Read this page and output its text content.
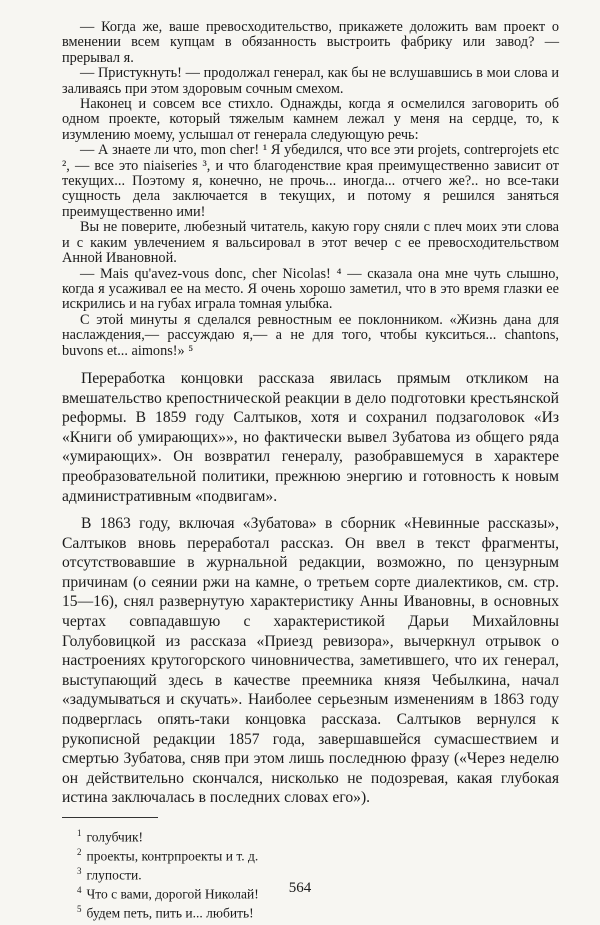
— Когда же, ваше превосходительство, прикажете доложить вам проект о вменении всем купцам в обязанность выстроить фабрику или завод? — прерывал я.

— Пристукнуть! — продолжал генерал, как бы не вслушавшись в мои слова и заливаясь при этом здоровым сочным смехом.

Наконец и совсем все стихло. Однажды, когда я осмелился заговорить об одном проекте, который тяжелым камнем лежал у меня на сердце, то, к изумлению моему, услышал от генерала следующую речь:

— А знаете ли что, mon cher! ¹ Я убедился, что все эти projets, contreprojets etc ², — все это niaiseries ³, и что благоденствие края преимущественно зависит от текущих... Поэтому я, конечно, не прочь... иногда... отчего же?.. но все-таки сущность дела заключается в текущих, и потому я решился заняться преимущественно ими!

Вы не поверите, любезный читатель, какую гору сняли с плеч моих эти слова и с каким увлечением я вальсировал в этот вечер с ее превосходительством Анной Ивановной.

— Mais qu'avez-vous donc, cher Nicolas! ⁴ — сказала она мне чуть слышно, когда я усаживал ее на место. Я очень хорошо заметил, что в это время глазки ее искрились и на губах играла томная улыбка.

С этой минуты я сделался ревностным ее поклонником. «Жизнь дана для наслаждения,— рассуждаю я,— а не для того, чтобы кукситься... chantons, buvons et... aimons!» ⁵

Переработка концовки рассказа явилась прямым откликом на вмешательство крепостнической реакции в дело подготовки крестьянской реформы. В 1859 году Салтыков, хотя и сохранил подзаголовок «Из «Книги об умирающих»», но фактически вывел Зубатова из общего ряда «умирающих». Он возвратил генералу, разобравшемуся в характере преобразовательной политики, прежнюю энергию и готовность к новым административным «подвигам».

В 1863 году, включая «Зубатова» в сборник «Невинные рассказы», Салтыков вновь переработал рассказ. Он ввел в текст фрагменты, отсутствовавшие в журнальной редакции, возможно, по цензурным причинам (о сеянии ржи на камне, о третьем сорте диалектиков, см. стр. 15—16), снял развернутую характеристику Анны Ивановны, в основных чертах совпадавшую с характеристикой Дарьи Михайловны Голубовицкой из рассказа «Приезд ревизора», вычеркнул отрывок о настроениях крутогорского чиновничества, заметившего, что их генерал, выступающий здесь в качестве преемника князя Чебылкина, начал «задумываться и скучать». Наиболее серьезным изменениям в 1863 году подверглась опять-таки концовка рассказа. Салтыков вернулся к рукописной редакции 1857 года, завершавшейся сумасшествием и смертью Зубатова, сняв при этом лишь последнюю фразу («Через неделю он действительно скончался, нисколько не подозревая, какая глубокая истина заключалась в последних словах его»).

$^1$ голубчик!
$^2$ проекты, контрпроекты и т. д.
$^3$ глупости.
$^4$ Что с вами, дорогой Николай!
$^5$ будем петь, пить и... любить!
564
